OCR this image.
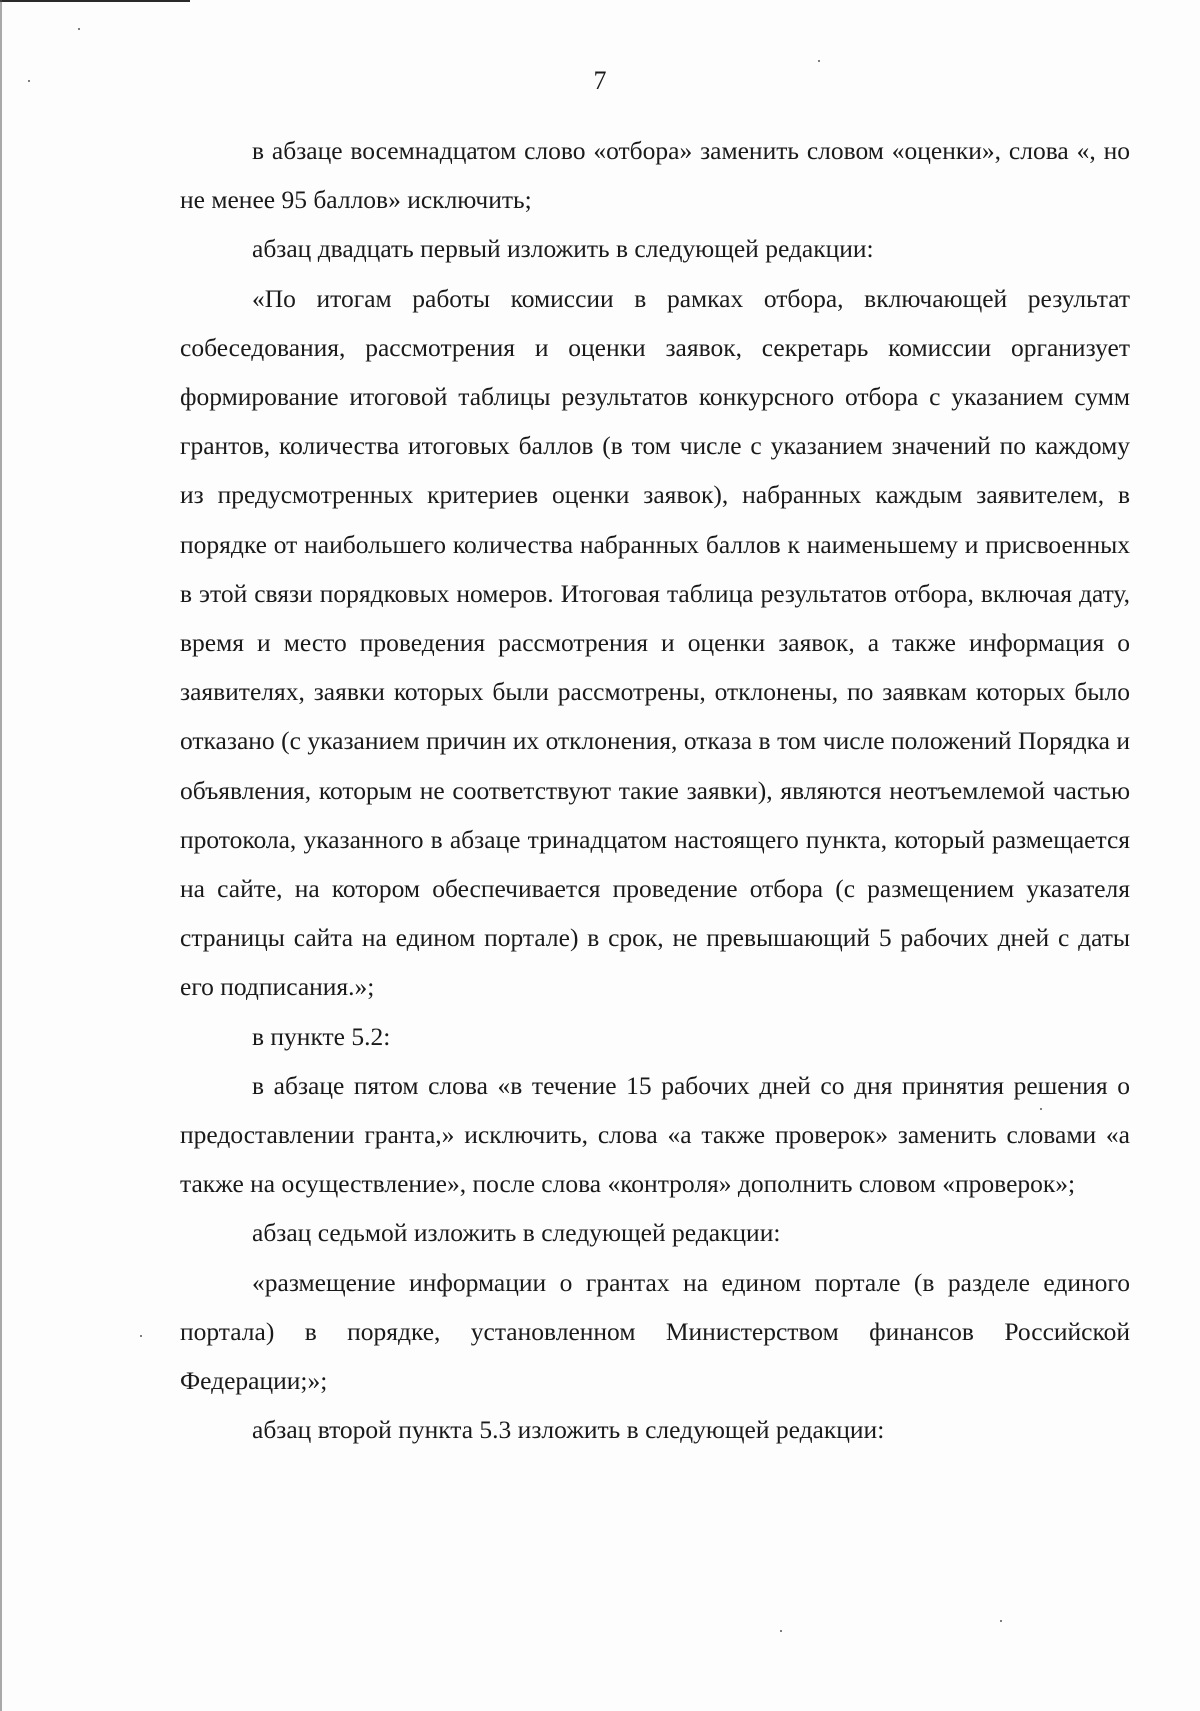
7

в абзаце восемнадцатом слово «отбора» заменить словом «оценки», слова «, но не менее 95 баллов» исключить;

абзац двадцать первый изложить в следующей редакции:

«По итогам работы комиссии в рамках отбора, включающей результат собеседования, рассмотрения и оценки заявок, секретарь комиссии организует формирование итоговой таблицы результатов конкурсного отбора с указанием сумм грантов, количества итоговых баллов (в том числе с указанием значений по каждому из предусмотренных критериев оценки заявок), набранных каждым заявителем, в порядке от наибольшего количества набранных баллов к наименьшему и присвоенных в этой связи порядковых номеров. Итоговая таблица результатов отбора, включая дату, время и место проведения рассмотрения и оценки заявок, а также информация о заявителях, заявки которых были рассмотрены, отклонены, по заявкам которых было отказано (с указанием причин их отклонения, отказа в том числе положений Порядка и объявления, которым не соответствуют такие заявки), являются неотъемлемой частью протокола, указанного в абзаце тринадцатом настоящего пункта, который размещается на сайте, на котором обеспечивается проведение отбора (с размещением указателя страницы сайта на едином портале) в срок, не превышающий 5 рабочих дней с даты его подписания.»;

в пункте 5.2:

в абзаце пятом слова «в течение 15 рабочих дней со дня принятия решения о предоставлении гранта,» исключить, слова «а также проверок» заменить словами «а также на осуществление», после слова «контроля» дополнить словом «проверок»;

абзац седьмой изложить в следующей редакции:

«размещение информации о грантах на едином портале (в разделе единого портала) в порядке, установленном Министерством финансов Российской Федерации;»;

абзац второй пункта 5.3 изложить в следующей редакции:
